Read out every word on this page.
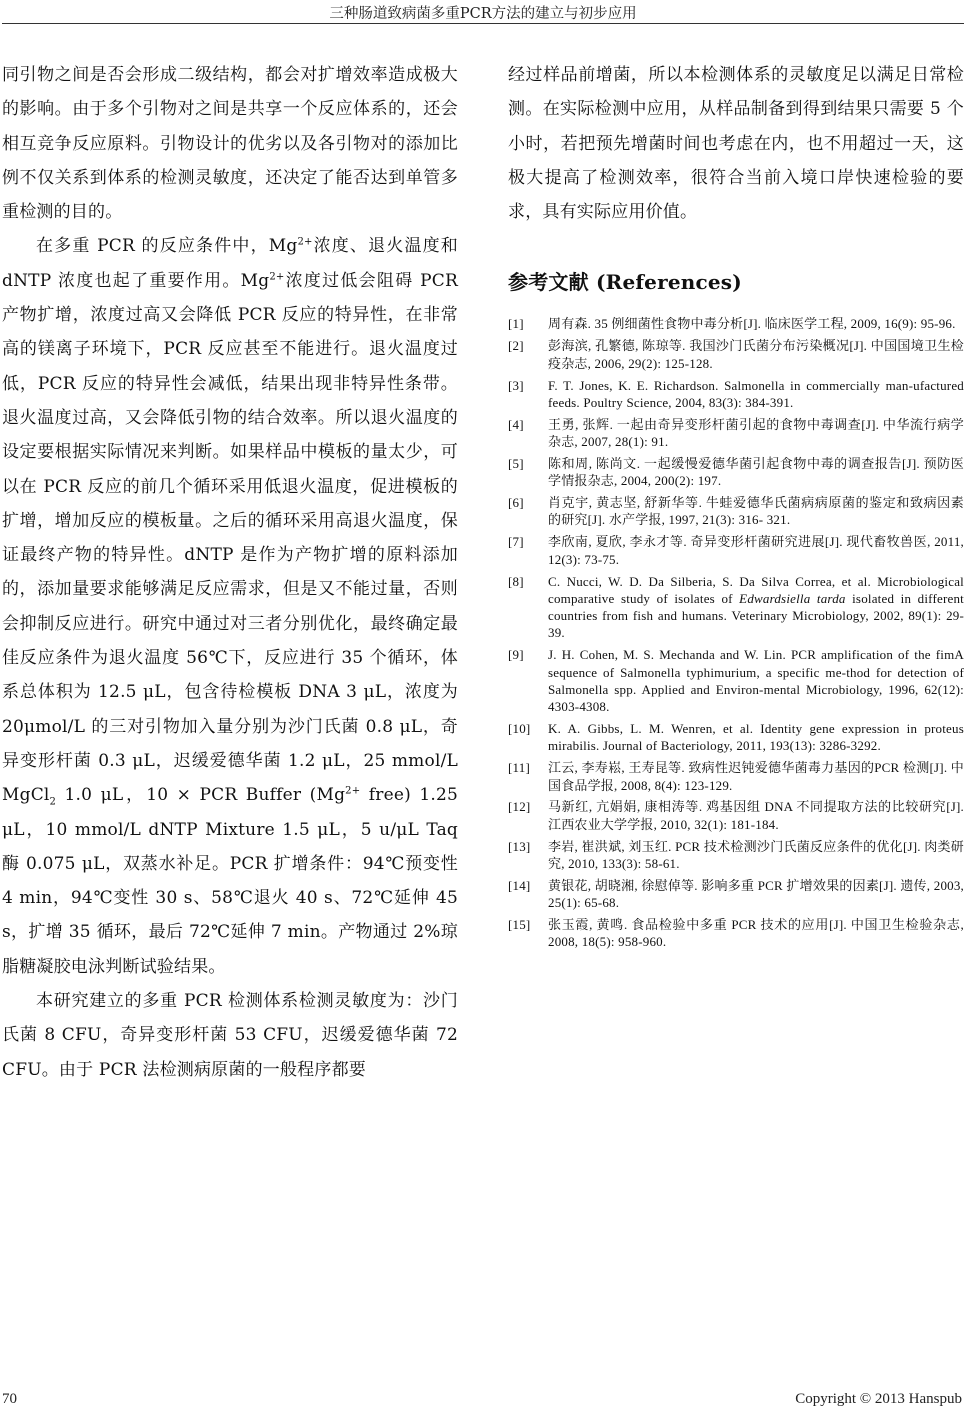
三种肠道致病菌多重PCR方法的建立与初步应用

同引物之间是否会形成二级结构，都会对扩增效率造成极大的影响。由于多个引物对之间是共享一个反应体系的，还会相互竞争反应原料。引物设计的优劣以及各引物对的添加比例不仅关系到体系的检测灵敏度，还决定了能否达到单管多重检测的目的。

在多重 PCR 的反应条件中，$Mg^{2+}$浓度、退火温度和 dNTP 浓度也起了重要作用。$Mg^{2+}$浓度过低会阻碍 PCR 产物扩增，浓度过高又会降低 PCR 反应的特异性，在非常高的镁离子环境下，PCR 反应甚至不能进行。退火温度过低，PCR 反应的特异性会减低，结果出现非特异性条带。退火温度过高，又会降低引物的结合效率。所以退火温度的设定要根据实际情况来判断。如果样品中模板的量太少，可以在 PCR 反应的前几个循环采用低退火温度，促进模板的扩增，增加反应的模板量。之后的循环采用高退火温度，保证最终产物的特异性。dNTP 是作为产物扩增的原料添加的，添加量要求能够满足反应需求，但是又不能过量，否则会抑制反应进行。研究中通过对三者分别优化，最终确定最佳反应条件为退火温度 56℃下，反应进行 35 个循环，体系总体积为 12.5 μL，包含待检模板 DNA 3 μL，浓度为 20μmol/L 的三对引物加入量分别为沙门氏菌 0.8 μL，奇异变形杆菌 0.3 μL，迟缓爱德华菌 1.2 μL，25 mmol/L MgCl$_2$ 1.0 μL，10 × PCR Buffer ($Mg^{2+}$ free) 1.25 μL，10 mmol/L dNTP Mixture 1.5 μL，5 u/μL Taq 酶 0.075 μL，双蒸水补足。PCR 扩增条件：94℃预变性 4 min，94℃变性 30 s、58℃退火 40 s、72℃延伸 45 s，扩增 35 循环，最后 72℃延伸 7 min。产物通过 2%琼脂糖凝胶电泳判断试验结果。

本研究建立的多重 PCR 检测体系检测灵敏度为：沙门氏菌 8 CFU，奇异变形杆菌 53 CFU，迟缓爱德华菌 72 CFU。由于 PCR 法检测病原菌的一般程序都要

经过样品前增菌，所以本检测体系的灵敏度足以满足日常检测。在实际检测中应用，从样品制备到得到结果只需要 5 个小时，若把预先增菌时间也考虑在内，也不用超过一天，这极大提高了检测效率，很符合当前入境口岸快速检验的要求，具有实际应用价值。

参考文献 (References)

[1]	周有森. 35 例细菌性食物中毒分析[J]. 临床医学工程, 2009, 16(9): 95-96.
[2]	彭海滨, 孔繁德, 陈琼等. 我国沙门氏菌分布污染概况[J]. 中国国境卫生检疫杂志, 2006, 29(2): 125-128.
[3]	F. T. Jones, K. E. Richardson. Salmonella in commercially man-ufactured feeds. Poultry Science, 2004, 83(3): 384-391.
[4]	王勇, 张辉. 一起由奇异变形杆菌引起的食物中毒调查[J]. 中华流行病学杂志, 2007, 28(1): 91.
[5]	陈和周, 陈尚文. 一起缓慢爱德华菌引起食物中毒的调查报告[J]. 预防医学情报杂志, 2004, 200(2): 197.
[6]	肖克宇, 黄志坚, 舒新华等. 牛蛙爱德华氏菌病病原菌的鉴定和致病因素的研究[J]. 水产学报, 1997, 21(3): 316- 321.
[7]	李欣南, 夏欣, 李永才等. 奇异变形杆菌研究进展[J]. 现代畜牧兽医, 2011, 12(3): 73-75.
[8]	C. Nucci, W. D. Da Silberia, S. Da Silva Correa, et al. Microbiological comparative study of isolates of Edwardsiella tarda isolated in different countries from fish and humans. Veterinary Microbiology, 2002, 89(1): 29-39.
[9]	J. H. Cohen, M. S. Mechanda and W. Lin. PCR amplification of the fimA sequence of Salmonella typhimurium, a specific me-thod for detection of Salmonella spp. Applied and Environ-mental Microbiology, 1996, 62(12): 4303-4308.
[10]	K. A. Gibbs, L. M. Wenren, et al. Identity gene expression in proteus mirabilis. Journal of Bacteriology, 2011, 193(13): 3286-3292.
[11]	江云, 李寿崧, 王寿昆等. 致病性迟钝爱德华菌毒力基因的PCR 检测[J]. 中国食品学报, 2008, 8(4): 123-129.
[12]	马新红, 亢娟娟, 康相涛等. 鸡基因组 DNA 不同提取方法的比较研究[J]. 江西农业大学学报, 2010, 32(1): 181-184.
[13]	李岩, 崔洪斌, 刘玉红. PCR 技术检测沙门氏菌反应条件的优化[J]. 肉类研究, 2010, 133(3): 58-61.
[14]	黄银花, 胡晓湘, 徐慰倬等. 影响多重 PCR 扩增效果的因素[J]. 遗传, 2003, 25(1): 65-68.
[15]	张玉霞, 黄鸣. 食品检验中多重 PCR 技术的应用[J]. 中国卫生检验杂志, 2008, 18(5): 958-960.
70	Copyright © 2013 Hanspub
